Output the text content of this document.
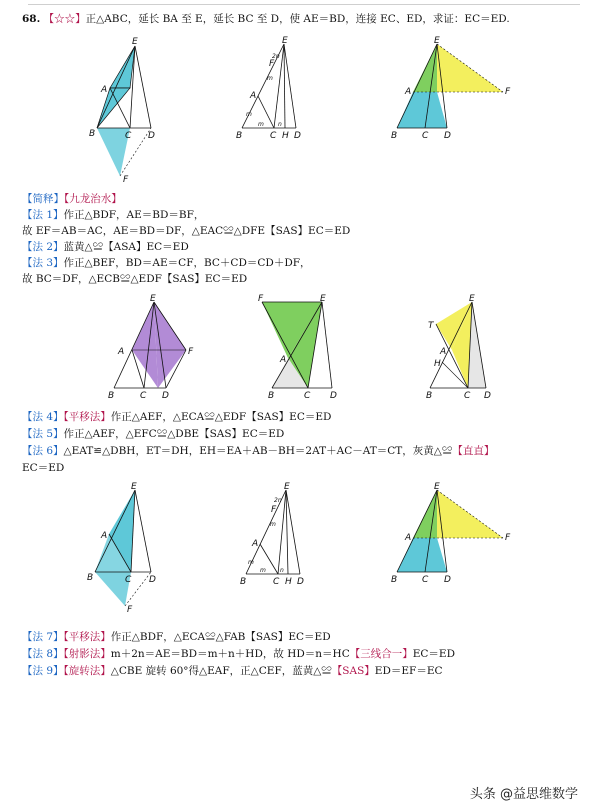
68. 【☆☆】正△ABC，延长 BA 至 E，延长 BC 至 D，使 AE＝BD，连接 EC、ED，求证：EC＝ED.
E
A
B	C D
F
E
F
A
B	C H D
2n
m
m
m n
E
A
B	C D
F
【简释】【九龙治水】
【法 1】作正△BDF，AE＝BD＝BF，
故 EF＝AB＝AC，AE＝BD＝DF，△EAC≌△DFE【SAS】EC＝ED
【法 2】蓝黄△≌【ASA】EC＝ED
【法 3】作正△BEF，BD＝AE＝CF，BC＋CD＝CD＋DF，
故 BC＝DF，△ECB≌△EDF【SAS】EC＝ED
E
A	F
B	C D
F	E
A
B	C D
E
T
A
H
B	C D
【法 4】【平移法】作正△AEF，△ECA≌△EDF【SAS】EC＝ED
【法 5】作正△AEF，△EFC≌△DBE【SAS】EC＝ED
【法 6】△EAT≌△DBH，ET＝DH，EH＝EA＋AB－BH＝2AT＋AC－AT＝CT，灰黄△≌【直直】
EC＝ED
E
A
B	C D
F
E
F
A
B	C H D
2n
m
m
m n
E
A
B	C D
F
【法 7】【平移法】作正△BDF，△ECA≌△FAB【SAS】EC＝ED
【法 8】【射影法】m＋2n＝AE＝BD＝m＋n＋HD，故 HD＝n＝HC【三线合一】EC＝ED
【法 9】【旋转法】△CBE 旋转 60°得△EAF，正△CEF，蓝黄△≌【SAS】ED＝EF＝EC
头条 @益思维数学
